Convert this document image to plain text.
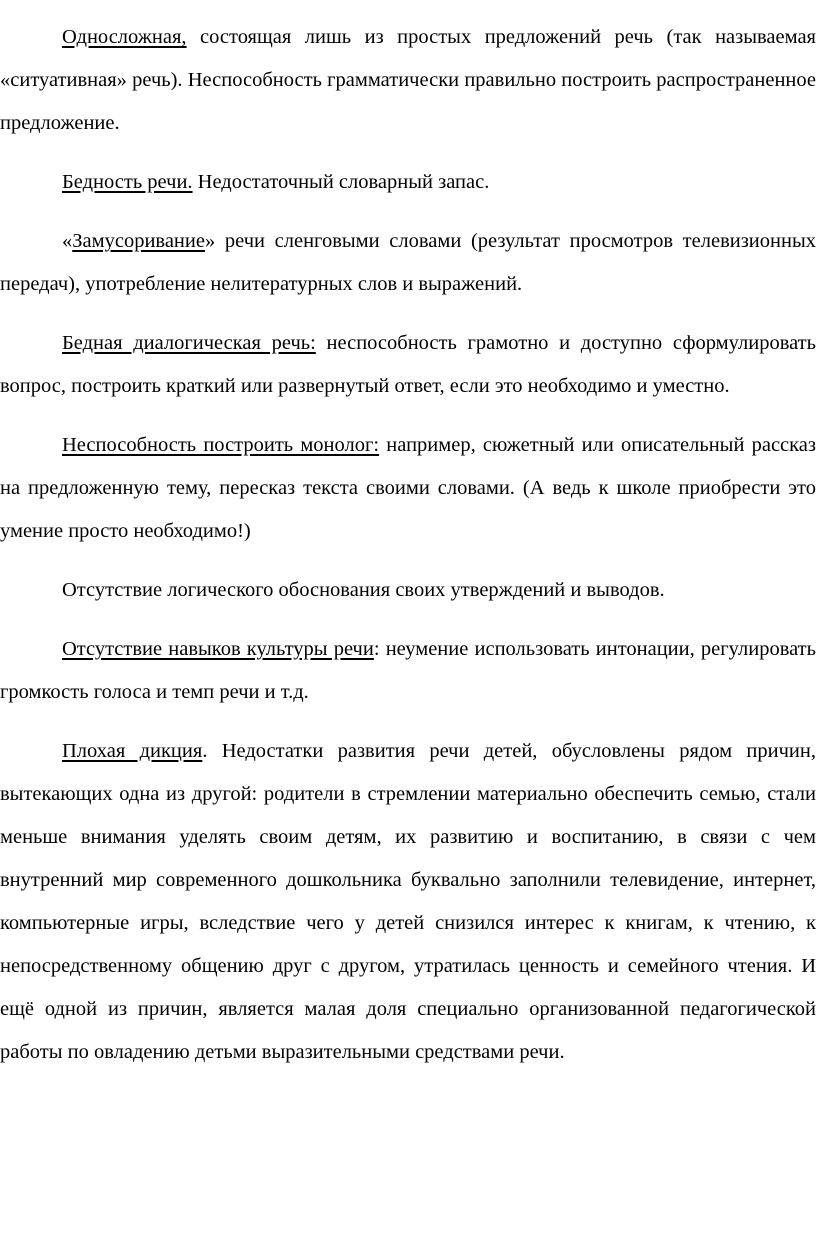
Односложная, состоящая лишь из простых предложений речь (так называемая «ситуативная» речь). Неспособность грамматически правильно построить распространенное предложение.

Бедность речи. Недостаточный словарный запас.

«Замусоривание» речи сленговыми словами (результат просмотров телевизионных передач), употребление нелитературных слов и выражений.

Бедная диалогическая речь: неспособность грамотно и доступно сформулировать вопрос, построить краткий или развернутый ответ, если это необходимо и уместно.

Неспособность построить монолог: например, сюжетный или описательный рассказ на предложенную тему, пересказ текста своими словами. (А ведь к школе приобрести это умение просто необходимо!)

Отсутствие логического обоснования своих утверждений и выводов.

Отсутствие навыков культуры речи: неумение использовать интонации, регулировать громкость голоса и темп речи и т.д.

Плохая дикция. Недостатки развития речи детей, обусловлены рядом причин, вытекающих одна из другой: родители в стремлении материально обеспечить семью, стали меньше внимания уделять своим детям, их развитию и воспитанию, в связи с чем внутренний мир современного дошкольника буквально заполнили телевидение, интернет, компьютерные игры, вследствие чего у детей снизился интерес к книгам, к чтению, к непосредственному общению друг с другом, утратилась ценность и семейного чтения. И ещё одной из причин, является малая доля специально организованной педагогической работы по овладению детьми выразительными средствами речи.
